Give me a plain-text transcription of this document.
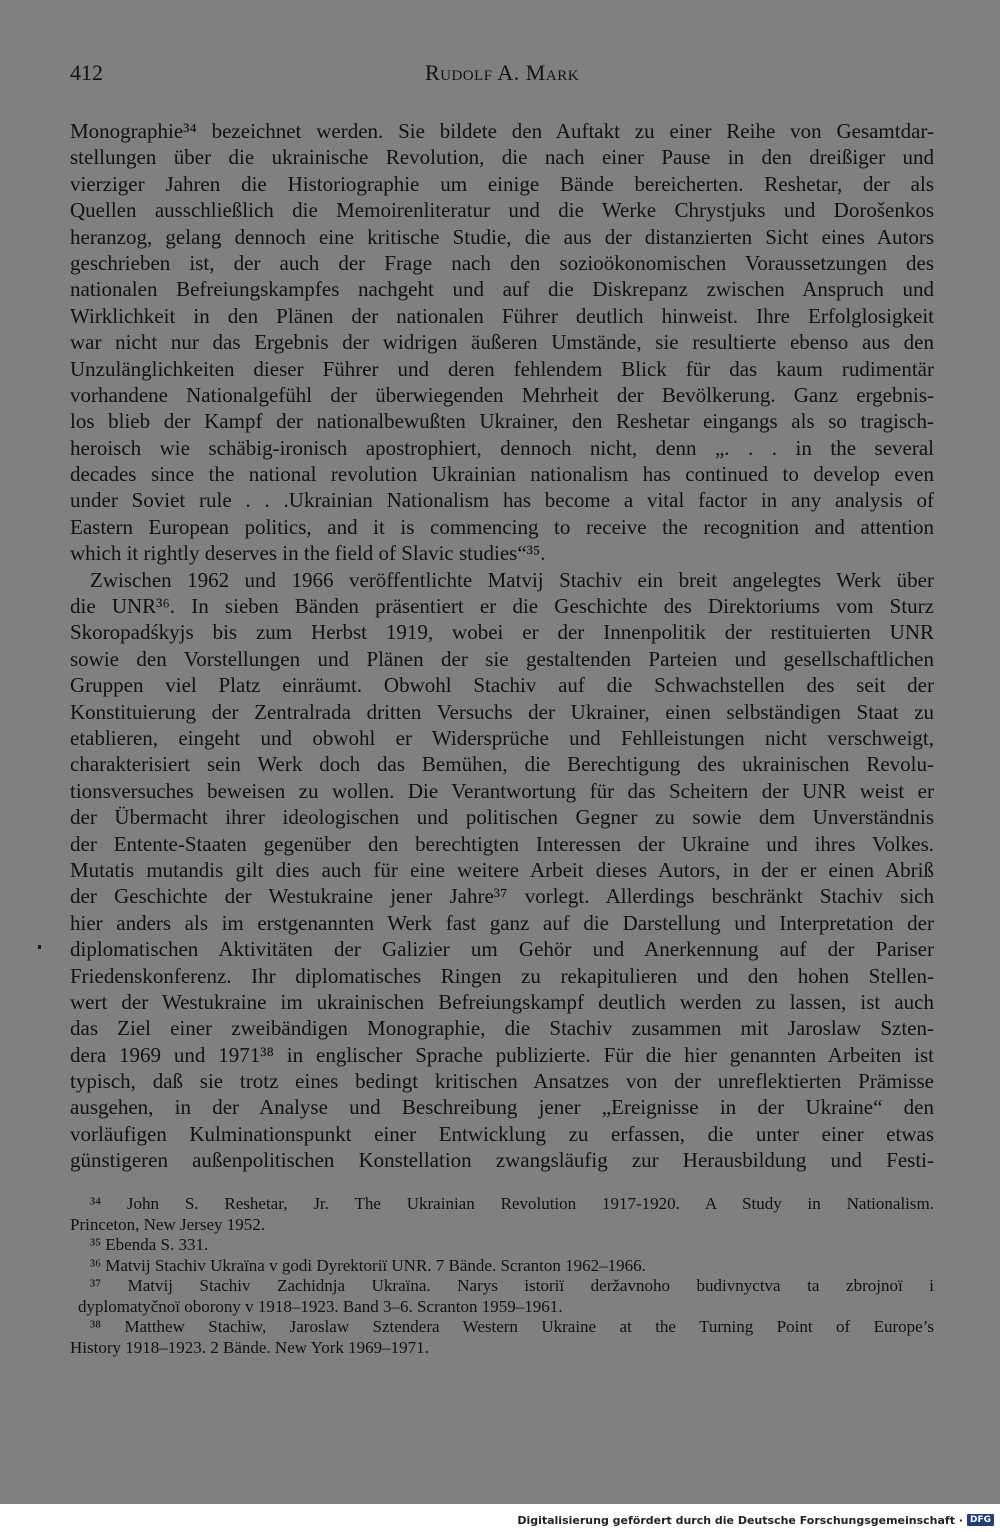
412	Rudolf A. Mark
Monographie³⁴ bezeichnet werden. Sie bildete den Auftakt zu einer Reihe von Gesamtdar-
stellungen über die ukrainische Revolution, die nach einer Pause in den dreißiger und
vierziger Jahren die Historiographie um einige Bände bereicherten. Reshetar, der als
Quellen ausschließlich die Memoirenliteratur und die Werke Chrystjuks und Dorošenkos
heranzog, gelang dennoch eine kritische Studie, die aus der distanzierten Sicht eines Autors
geschrieben ist, der auch der Frage nach den sozioökonomischen Voraussetzungen des
nationalen Befreiungskampfes nachgeht und auf die Diskrepanz zwischen Anspruch und
Wirklichkeit in den Plänen der nationalen Führer deutlich hinweist. Ihre Erfolglosigkeit
war nicht nur das Ergebnis der widrigen äußeren Umstände, sie resultierte ebenso aus den
Unzulänglichkeiten dieser Führer und deren fehlendem Blick für das kaum rudimentär
vorhandene Nationalgefühl der überwiegenden Mehrheit der Bevölkerung. Ganz ergebnis-
los blieb der Kampf der nationalbewußten Ukrainer, den Reshetar eingangs als so tragisch-
heroisch wie schäbig-ironisch apostrophiert, dennoch nicht, denn „. . . in the several
decades since the national revolution Ukrainian nationalism has continued to develop even
under Soviet rule . . .Ukrainian Nationalism has become a vital factor in any analysis of
Eastern European politics, and it is commencing to receive the recognition and attention
which it rightly deserves in the field of Slavic studies“³⁵.
Zwischen 1962 und 1966 veröffentlichte Matvij Stachiv ein breit angelegtes Werk über
die UNR³⁶. In sieben Bänden präsentiert er die Geschichte des Direktoriums vom Sturz
Skoropadśkyjs bis zum Herbst 1919, wobei er der Innenpolitik der restituierten UNR
sowie den Vorstellungen und Plänen der sie gestaltenden Parteien und gesellschaftlichen
Gruppen viel Platz einräumt. Obwohl Stachiv auf die Schwachstellen des seit der
Konstituierung der Zentralrada dritten Versuchs der Ukrainer, einen selbständigen Staat zu
etablieren, eingeht und obwohl er Widersprüche und Fehlleistungen nicht verschweigt,
charakterisiert sein Werk doch das Bemühen, die Berechtigung des ukrainischen Revolu-
tionsversuches beweisen zu wollen. Die Verantwortung für das Scheitern der UNR weist er
der Übermacht ihrer ideologischen und politischen Gegner zu sowie dem Unverständnis
der Entente-Staaten gegenüber den berechtigten Interessen der Ukraine und ihres Volkes.
Mutatis mutandis gilt dies auch für eine weitere Arbeit dieses Autors, in der er einen Abriß
der Geschichte der Westukraine jener Jahre³⁷ vorlegt. Allerdings beschränkt Stachiv sich
hier anders als im erstgenannten Werk fast ganz auf die Darstellung und Interpretation der
diplomatischen Aktivitäten der Galizier um Gehör und Anerkennung auf der Pariser
Friedenskonferenz. Ihr diplomatisches Ringen zu rekapitulieren und den hohen Stellen-
wert der Westukraine im ukrainischen Befreiungskampf deutlich werden zu lassen, ist auch
das Ziel einer zweibändigen Monographie, die Stachiv zusammen mit Jaroslaw Szten-
dera 1969 und 1971³⁸ in englischer Sprache publizierte. Für die hier genannten Arbeiten ist
typisch, daß sie trotz eines bedingt kritischen Ansatzes von der unreflektierten Prämisse
ausgehen, in der Analyse und Beschreibung jener „Ereignisse in der Ukraine“ den
vorläufigen Kulminationspunkt einer Entwicklung zu erfassen, die unter einer etwas
günstigeren außenpolitischen Konstellation zwangsläufig zur Herausbildung und Festi-
³⁴ John S. Reshetar, Jr. The Ukrainian Revolution 1917-1920. A Study in Nationalism.
Princeton, New Jersey 1952.
³⁵ Ebenda S. 331.
³⁶ Matvij Stachiv Ukraïna v godi Dyrektoriï UNR. 7 Bände. Scranton 1962–1966.
³⁷ Matvij Stachiv Zachidnja Ukraïna. Narys istoriï deržavnoho budivnyctva ta zbrojnoï i
dyplomatyčnoï oborony v 1918–1923. Band 3–6. Scranton 1959–1961.
³⁸ Matthew Stachiw, Jaroslaw Sztendera Western Ukraine at the Turning Point of Europe’s
History 1918–1923. 2 Bände. New York 1969–1971.
Digitalisierung gefördert durch die Deutsche Forschungsgemeinschaft · DFG
